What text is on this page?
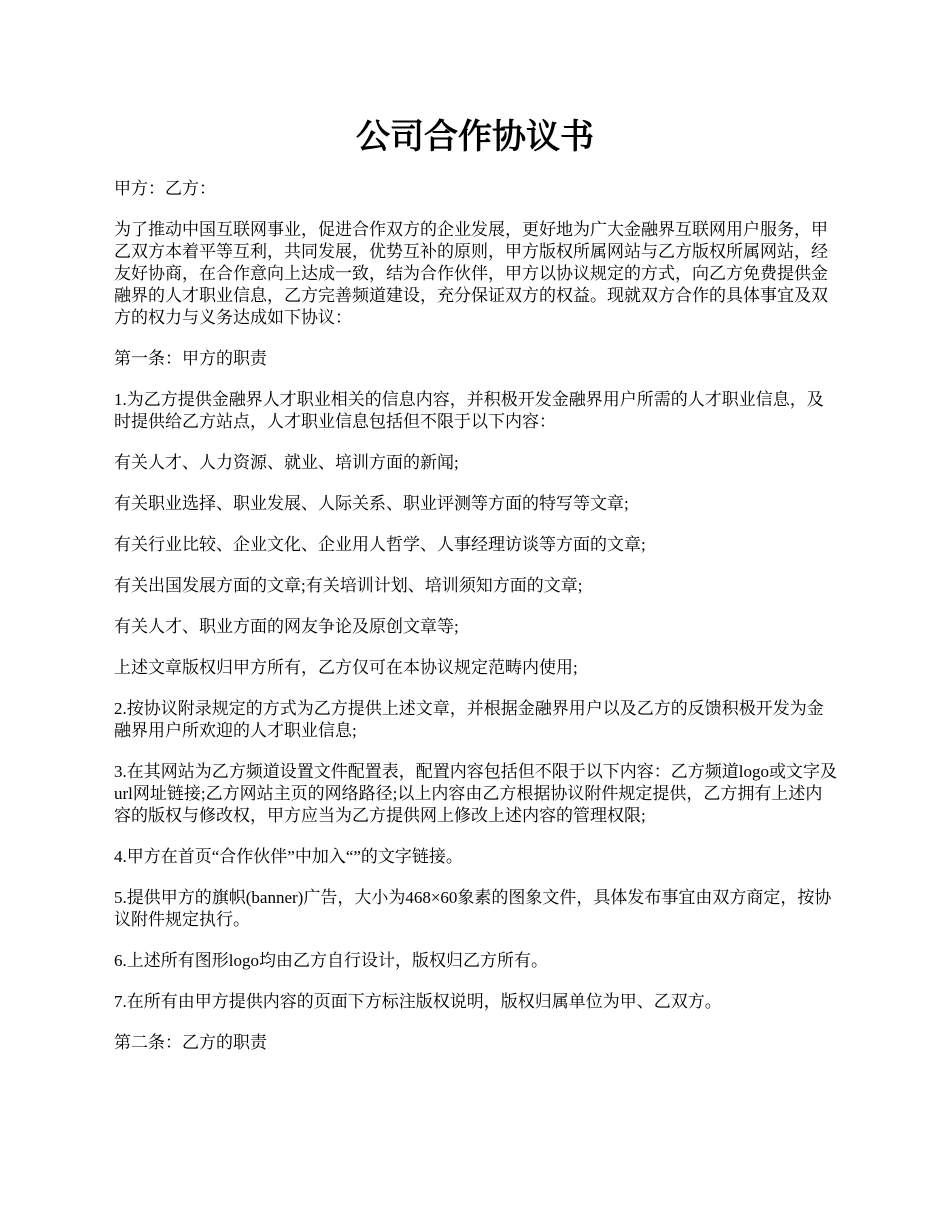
公司合作协议书

甲方：乙方：

为了推动中国互联网事业，促进合作双方的企业发展，更好地为广大金融界互联网用户服务，甲乙双方本着平等互利，共同发展，优势互补的原则，甲方版权所属网站与乙方版权所属网站，经友好协商，在合作意向上达成一致，结为合作伙伴，甲方以协议规定的方式，向乙方免费提供金融界的人才职业信息，乙方完善频道建设，充分保证双方的权益。现就双方合作的具体事宜及双方的权力与义务达成如下协议：

第一条：甲方的职责

1.为乙方提供金融界人才职业相关的信息内容，并积极开发金融界用户所需的人才职业信息，及时提供给乙方站点，人才职业信息包括但不限于以下内容：

有关人才、人力资源、就业、培训方面的新闻;

有关职业选择、职业发展、人际关系、职业评测等方面的特写等文章;

有关行业比较、企业文化、企业用人哲学、人事经理访谈等方面的文章;

有关出国发展方面的文章;有关培训计划、培训须知方面的文章;

有关人才、职业方面的网友争论及原创文章等;

上述文章版权归甲方所有，乙方仅可在本协议规定范畴内使用;

2.按协议附录规定的方式为乙方提供上述文章，并根据金融界用户以及乙方的反馈积极开发为金融界用户所欢迎的人才职业信息;

3.在其网站为乙方频道设置文件配置表，配置内容包括但不限于以下内容：乙方频道logo或文字及url网址链接;乙方网站主页的网络路径;以上内容由乙方根据协议附件规定提供，乙方拥有上述内容的版权与修改权，甲方应当为乙方提供网上修改上述内容的管理权限;

4.甲方在首页“合作伙伴”中加入“”的文字链接。

5.提供甲方的旗帜(banner)广告，大小为468×60象素的图象文件，具体发布事宜由双方商定，按协议附件规定执行。

6.上述所有图形logo均由乙方自行设计，版权归乙方所有。

7.在所有由甲方提供内容的页面下方标注版权说明，版权归属单位为甲、乙双方。

第二条：乙方的职责
